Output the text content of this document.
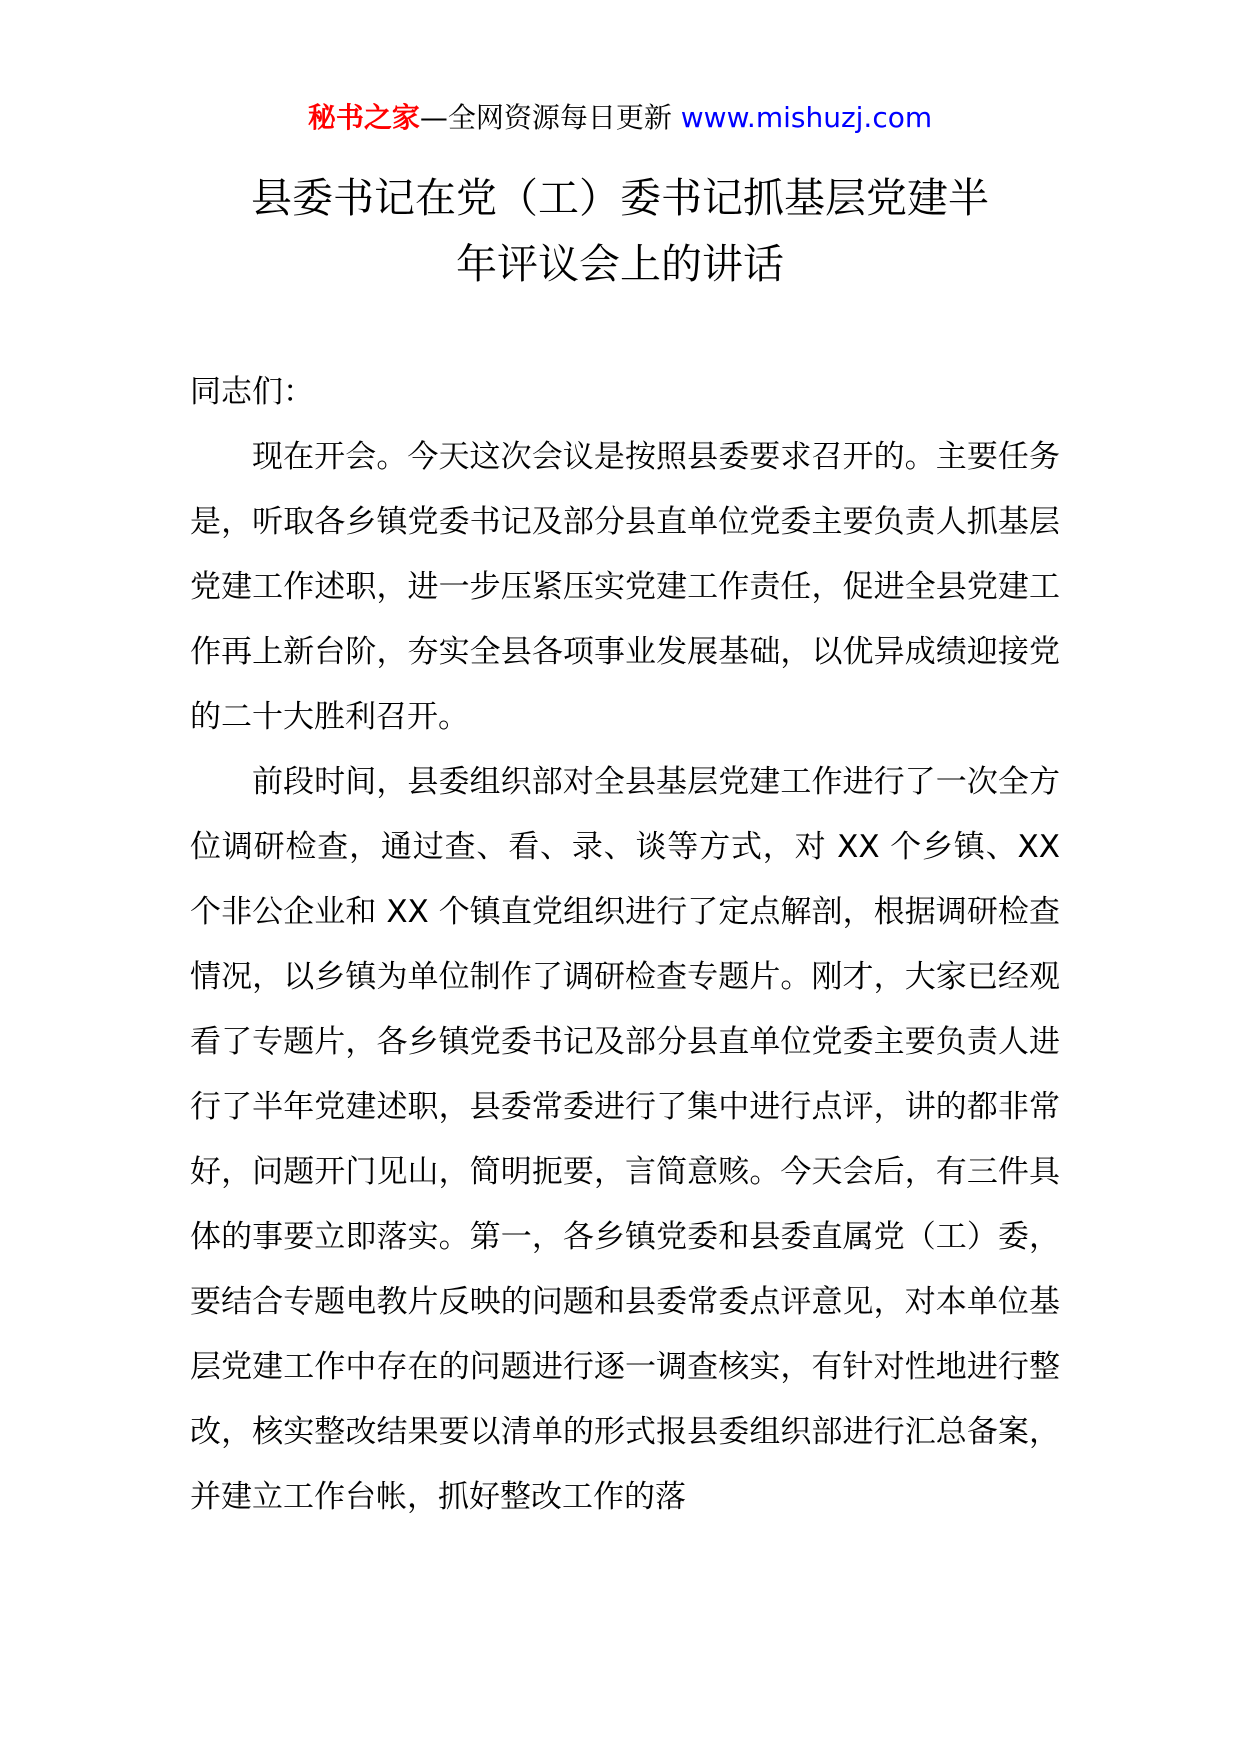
秘书之家—全网资源每日更新 www.mishuzj.com
县委书记在党（工）委书记抓基层党建半
年评议会上的讲话

同志们：

现在开会。今天这次会议是按照县委要求召开的。主要任务是，听取各乡镇党委书记及部分县直单位党委主要负责人抓基层党建工作述职，进一步压紧压实党建工作责任，促进全县党建工作再上新台阶，夯实全县各项事业发展基础，以优异成绩迎接党的二十大胜利召开。

前段时间，县委组织部对全县基层党建工作进行了一次全方位调研检查，通过查、看、录、谈等方式，对 XX 个乡镇、XX 个非公企业和 XX 个镇直党组织进行了定点解剖，根据调研检查情况，以乡镇为单位制作了调研检查专题片。刚才，大家已经观看了专题片，各乡镇党委书记及部分县直单位党委主要负责人进行了半年党建述职，县委常委进行了集中进行点评，讲的都非常好，问题开门见山，简明扼要，言简意赅。今天会后，有三件具体的事要立即落实。第一，各乡镇党委和县委直属党（工）委，要结合专题电教片反映的问题和县委常委点评意见，对本单位基层党建工作中存在的问题进行逐一调查核实，有针对性地进行整改，核实整改结果要以清单的形式报县委组织部进行汇总备案，并建立工作台帐，抓好整改工作的落
